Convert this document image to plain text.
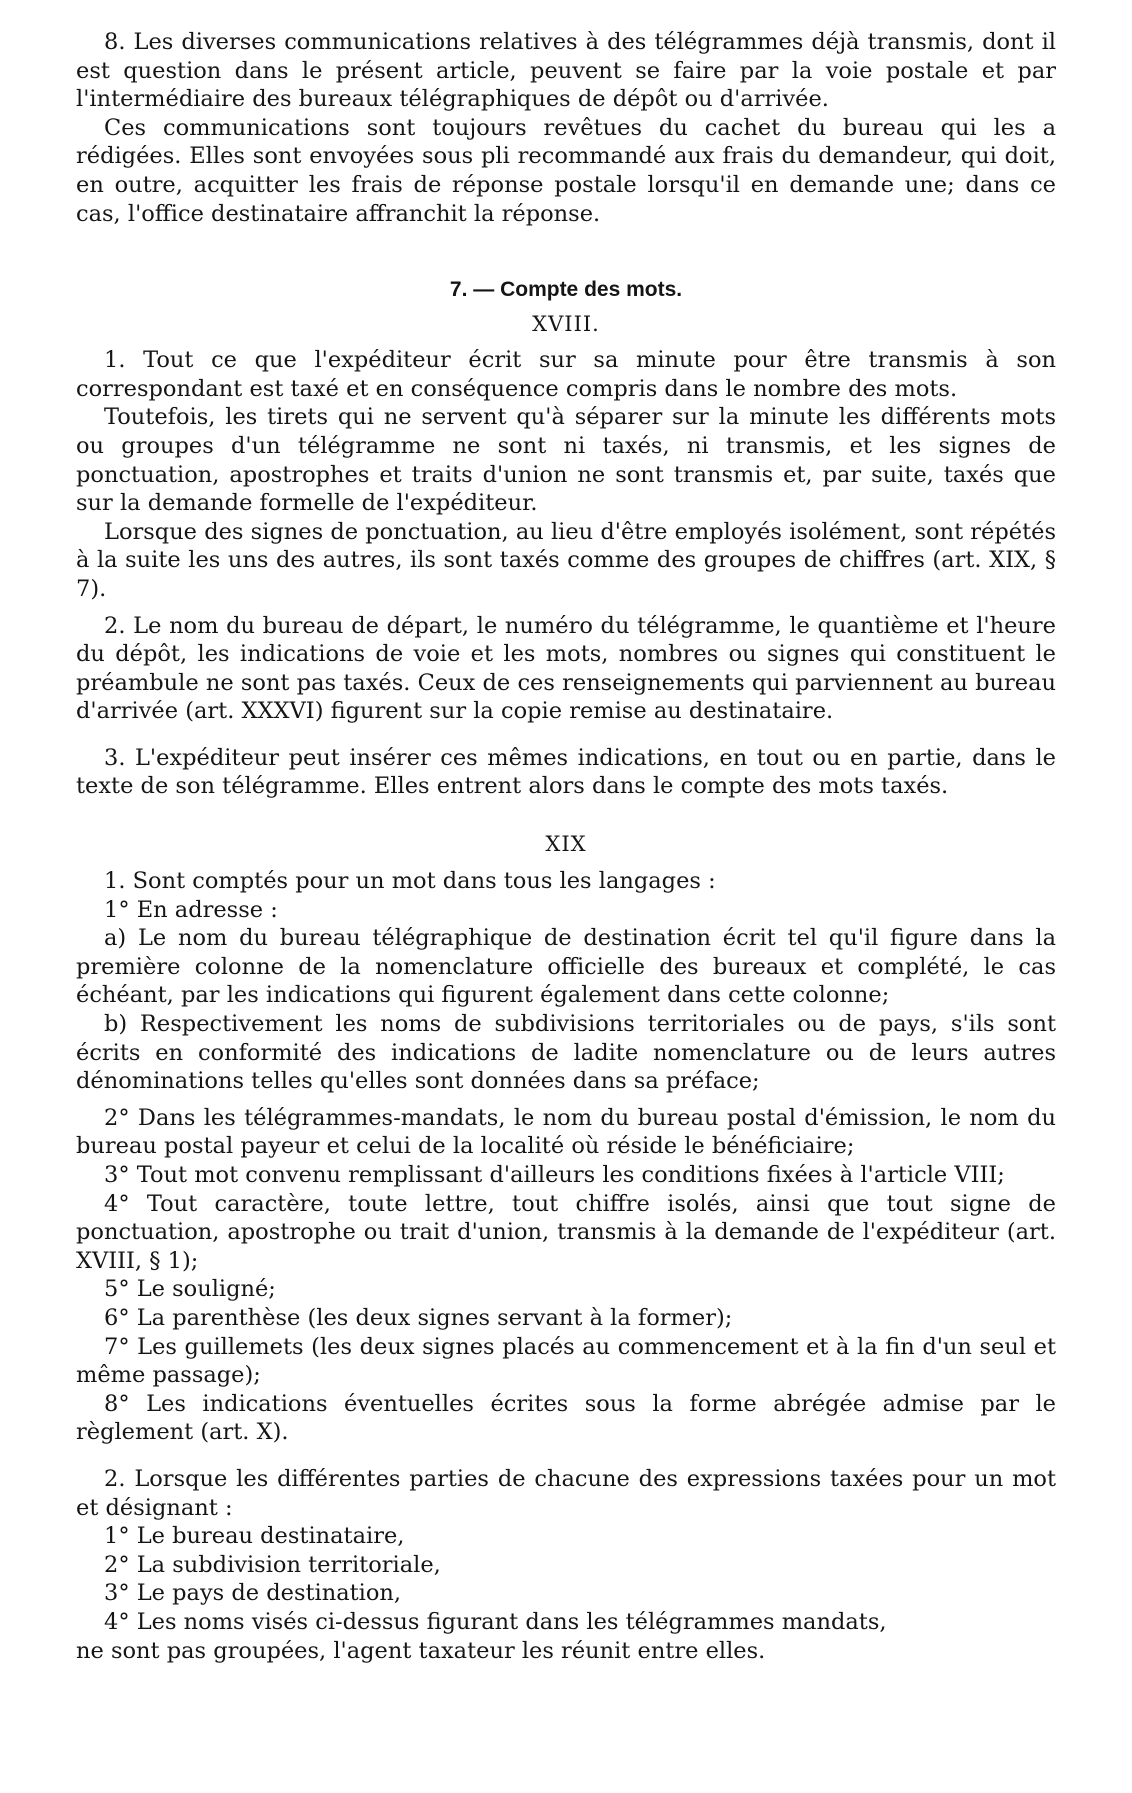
8. Les diverses communications relatives à des télégrammes déjà transmis, dont il est question dans le présent article, peuvent se faire par la voie postale et par l'intermédiaire des bureaux télégraphiques de dépôt ou d'arrivée.

Ces communications sont toujours revêtues du cachet du bureau qui les a rédigées. Elles sont envoyées sous pli recommandé aux frais du demandeur, qui doit, en outre, acquitter les frais de réponse postale lorsqu'il en demande une; dans ce cas, l'office destinataire affranchit la réponse.

7. — Compte des mots.
XVIII.

1. Tout ce que l'expéditeur écrit sur sa minute pour être transmis à son correspondant est taxé et en conséquence compris dans le nombre des mots.

Toutefois, les tirets qui ne servent qu'à séparer sur la minute les différents mots ou groupes d'un télégramme ne sont ni taxés, ni transmis, et les signes de ponctuation, apostrophes et traits d'union ne sont transmis et, par suite, taxés que sur la demande formelle de l'expéditeur.

Lorsque des signes de ponctuation, au lieu d'être employés isolément, sont répétés à la suite les uns des autres, ils sont taxés comme des groupes de chiffres (art. XIX, § 7).

2. Le nom du bureau de départ, le numéro du télégramme, le quantième et l'heure du dépôt, les indications de voie et les mots, nombres ou signes qui constituent le préambule ne sont pas taxés. Ceux de ces renseignements qui parviennent au bureau d'arrivée (art. XXXVI) figurent sur la copie remise au destinataire.

3. L'expéditeur peut insérer ces mêmes indications, en tout ou en partie, dans le texte de son télégramme. Elles entrent alors dans le compte des mots taxés.

XIX

1. Sont comptés pour un mot dans tous les langages :

1° En adresse :

a) Le nom du bureau télégraphique de destination écrit tel qu'il figure dans la première colonne de la nomenclature officielle des bureaux et complété, le cas échéant, par les indications qui figurent également dans cette colonne;

b) Respectivement les noms de subdivisions territoriales ou de pays, s'ils sont écrits en conformité des indications de ladite nomenclature ou de leurs autres dénominations telles qu'elles sont données dans sa préface;

2° Dans les télégrammes-mandats, le nom du bureau postal d'émission, le nom du bureau postal payeur et celui de la localité où réside le bénéficiaire;

3° Tout mot convenu remplissant d'ailleurs les conditions fixées à l'article VIII;

4° Tout caractère, toute lettre, tout chiffre isolés, ainsi que tout signe de ponctuation, apostrophe ou trait d'union, transmis à la demande de l'expéditeur (art. XVIII, § 1);

5° Le souligné;

6° La parenthèse (les deux signes servant à la former);

7° Les guillemets (les deux signes placés au commencement et à la fin d'un seul et même passage);

8° Les indications éventuelles écrites sous la forme abrégée admise par le règlement (art. X).

2. Lorsque les différentes parties de chacune des expressions taxées pour un mot et désignant :

1° Le bureau destinataire,

2° La subdivision territoriale,

3° Le pays de destination,

4° Les noms visés ci-dessus figurant dans les télégrammes mandats,

ne sont pas groupées, l'agent taxateur les réunit entre elles.
